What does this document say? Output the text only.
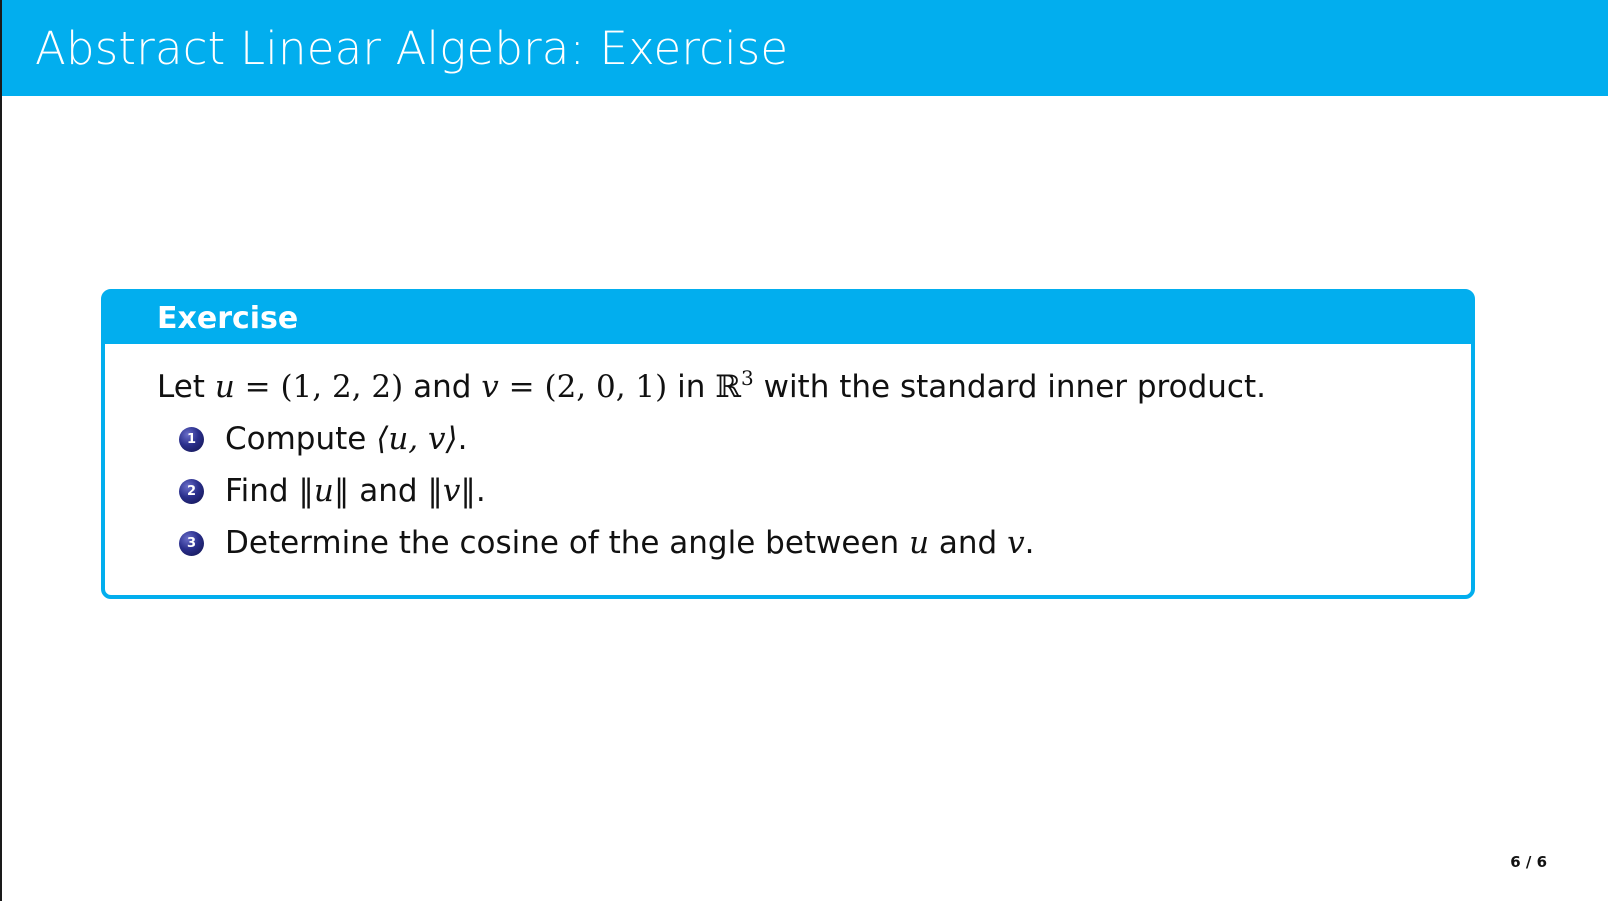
Abstract Linear Algebra: Exercise
Exercise
Let u = (1, 2, 2) and v = (2, 0, 1) in ℝ$^3$ with the standard inner product.
1 Compute
⟨u, v⟩ .
2 Find
‖u‖
and
‖v‖ .
3 Determine the cosine of the angle between
u
and
v .
6 / 6
